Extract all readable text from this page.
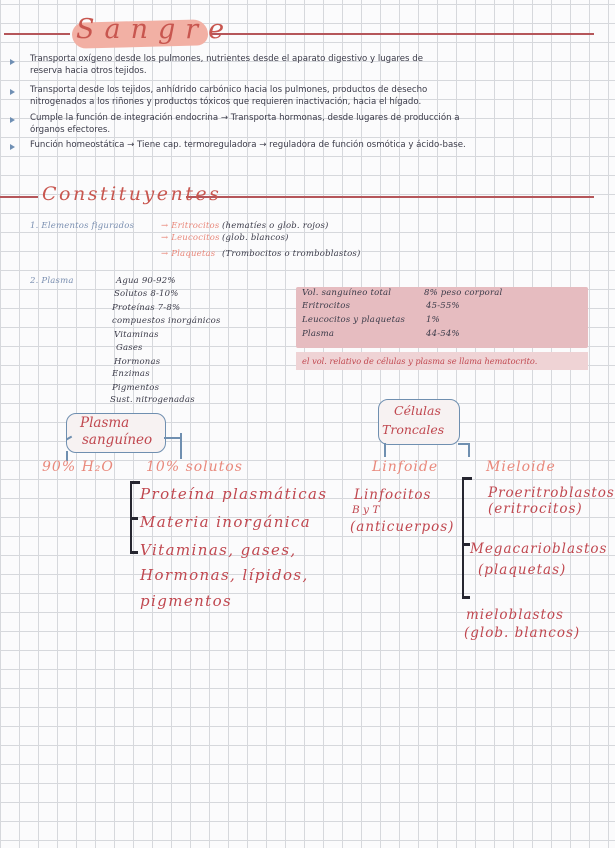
Sangre
Transporta oxígeno desde los pulmones, nutrientes desde el aparato digestivo y lugares de
reserva hacia otros tejidos.
Transporta desde los tejidos, anhídrido carbónico hacia los pulmones, productos de desecho
nitrogenados a los riñones y productos tóxicos que requieren inactivación, hacia el hígado.
Cumple la función de integración endocrina → Transporta hormonas, desde lugares de producción a
órganos efectores.
Función homeostática → Tiene cap. termoreguladora → reguladora de función osmótica y ácido-base.
Constituyentes
1. Elementos figurados	→ Eritrocitos (hematíes o glob. rojos)
→ Leucocitos (glob. blancos)
→ Plaquetas (Trombocitos o tromboblastos)
2. Plasma	Agua 90-92%
Solutos 8-10%
Proteínas 7-8%
compuestos inorgánicos
Vitaminas
Gases
Hormonas
Enzimas
Pigmentos
Sust. nitrogenadas
Vol. sanguíneo total	8% peso corporal
Eritrocitos	45-55%
Leucocitos y plaquetas 1%
Plasma	44-54%
el vol. relativo de células y plasma se llama hematocrito.
Plasma
sanguíneo
90% H₂O 10% solutos
Proteína plasmáticas
Materia inorgánica
Vitaminas, gases,
Hormonas, lípidos,
pigmentos
Células
Troncales
Linfoide	Mieloide
Linfocitos
B y T
(anticuerpos)
Proeritroblastos
(eritrocitos)
Megacarioblastos
(plaquetas)
mieloblastos
(glob. blancos)
